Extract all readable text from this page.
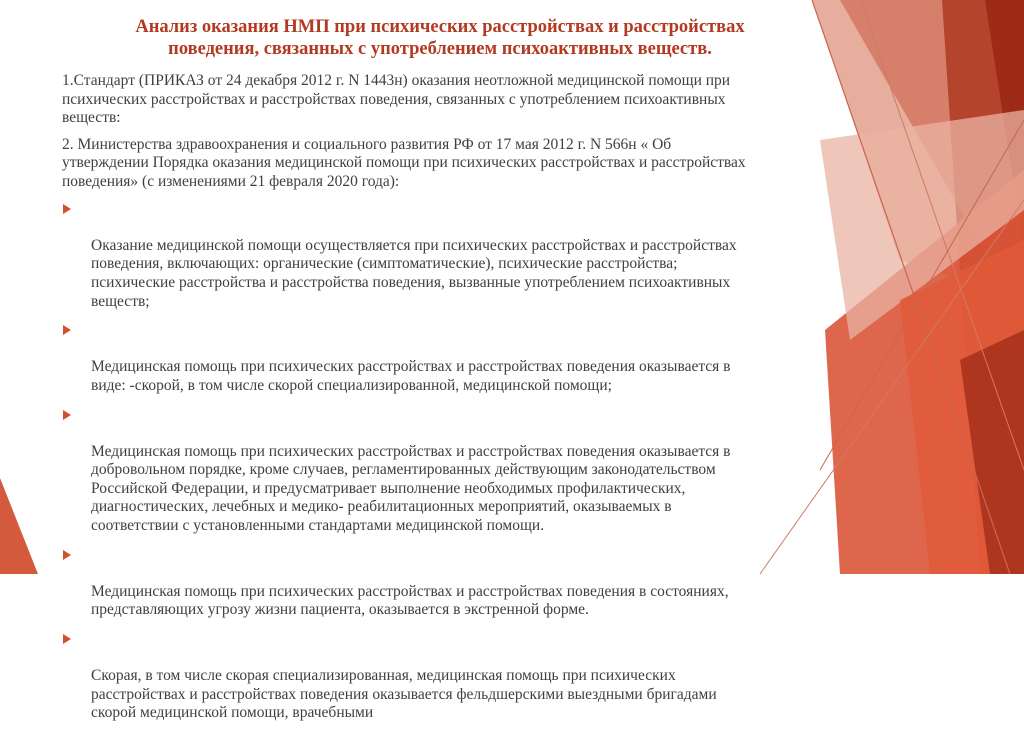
Анализ оказания НМП при психических расстройствах и расстройствах
поведения, связанных с употреблением психоактивных веществ.

1.Стандарт (ПРИКАЗ от 24 декабря 2012 г. N 1443н) оказания неотложной медицинской помощи при
психических расстройствах и расстройствах поведения, связанных с употреблением психоактивных
веществ:

2. Министерства здравоохранения и социального развития РФ от 17 мая 2012 г. N 566н « Об
утверждении Порядка оказания медицинской помощи при психических расстройствах и расстройствах
поведения» (с изменениями 21 февраля 2020 года):

Оказание медицинской помощи осуществляется при психических расстройствах и расстройствах
поведения, включающих: органические (симптоматические), психические расстройства;
психические расстройства и расстройства поведения, вызванные употреблением психоактивных
веществ;

Медицинская помощь при психических расстройствах и расстройствах поведения оказывается в
виде: -скорой, в том числе скорой специализированной, медицинской помощи;

Медицинская помощь при психических расстройствах и расстройствах поведения оказывается в
добровольном порядке, кроме случаев, регламентированных действующим законодательством
Российской Федерации, и предусматривает выполнение необходимых профилактических,
диагностических, лечебных и медико- реабилитационных мероприятий, оказываемых в
соответствии с установленными стандартами медицинской помощи.

Медицинская помощь при психических расстройствах и расстройствах поведения в состояниях,
представляющих угрозу жизни пациента, оказывается в экстренной форме.

Скорая, в том числе скорая специализированная, медицинская помощь при психических
расстройствах и расстройствах поведения оказывается фельдшерскими выездными бригадами
скорой медицинской помощи, врачебными
